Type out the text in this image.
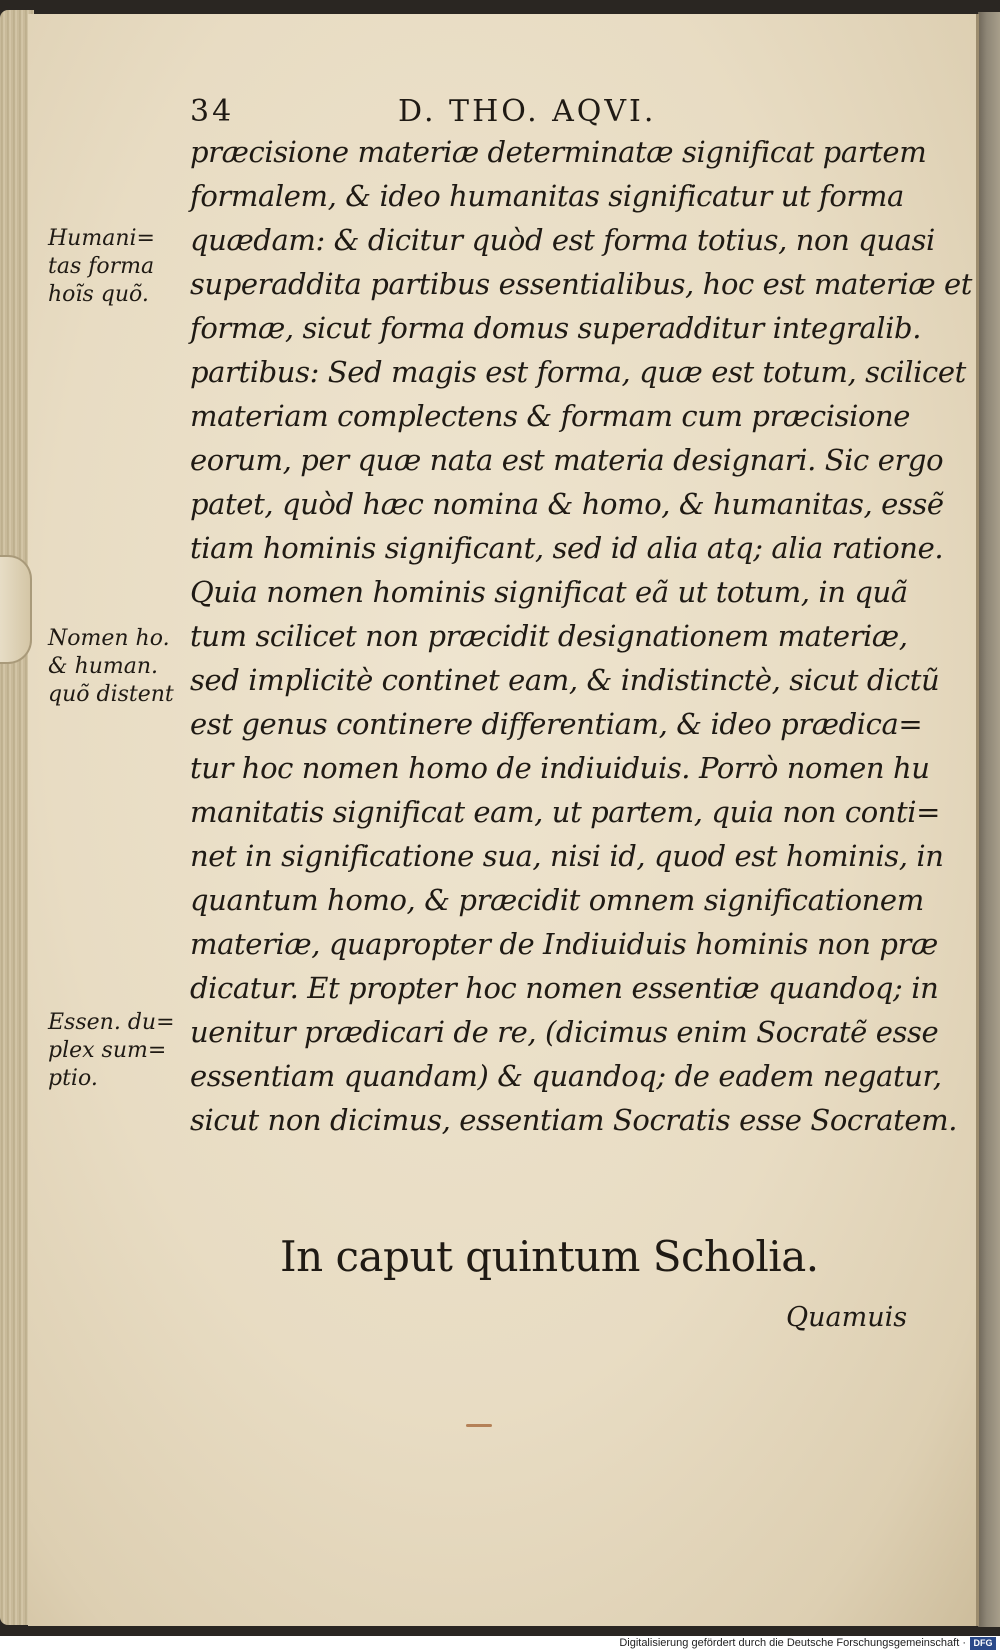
34	D. THO. AQVI.
præcisione materiæ determinatæ significat partem
formalem, & ideo humanitas significatur ut forma
quædam: & dicitur quòd est forma totius, non quasi
superaddita partibus essentialibus, hoc est materiæ et
formæ, sicut forma domus superadditur integralib.
partibus: Sed magis est forma, quæ est totum, scilicet
materiam complectens & formam cum præcisione
eorum, per quæ nata est materia designari. Sic ergo
patet, quòd hæc nomina & homo, & humanitas, essẽ
tiam hominis significant, sed id alia atq; alia ratione.
Quia nomen hominis significat eã ut totum, in quã
tum scilicet non præcidit designationem materiæ,
sed implicitè continet eam, & indistinctè, sicut dictũ
est genus continere differentiam, & ideo prædica=
tur hoc nomen homo de indiuiduis. Porrò nomen hu
manitatis significat eam, ut partem, quia non conti=
net in significatione sua, nisi id, quod est hominis, in
quantum homo, & præcidit omnem significationem
materiæ, quapropter de Indiuiduis hominis non præ
dicatur. Et propter hoc nomen essentiæ quandoq; in
uenitur prædicari de re, (dicimus enim Socratẽ esse
essentiam quandam) & quandoq; de eadem negatur,
sicut non dicimus, essentiam Socratis esse Socratem.
Humani=
tas forma
hoĩs quõ.
Nomen ho.
& human.
quõ distent
Essen. du=
plex sum=
ptio.
In caput quintum Scholia.
Quamuis
Digitalisierung gefördert durch die Deutsche Forschungsgemeinschaft · DFG
